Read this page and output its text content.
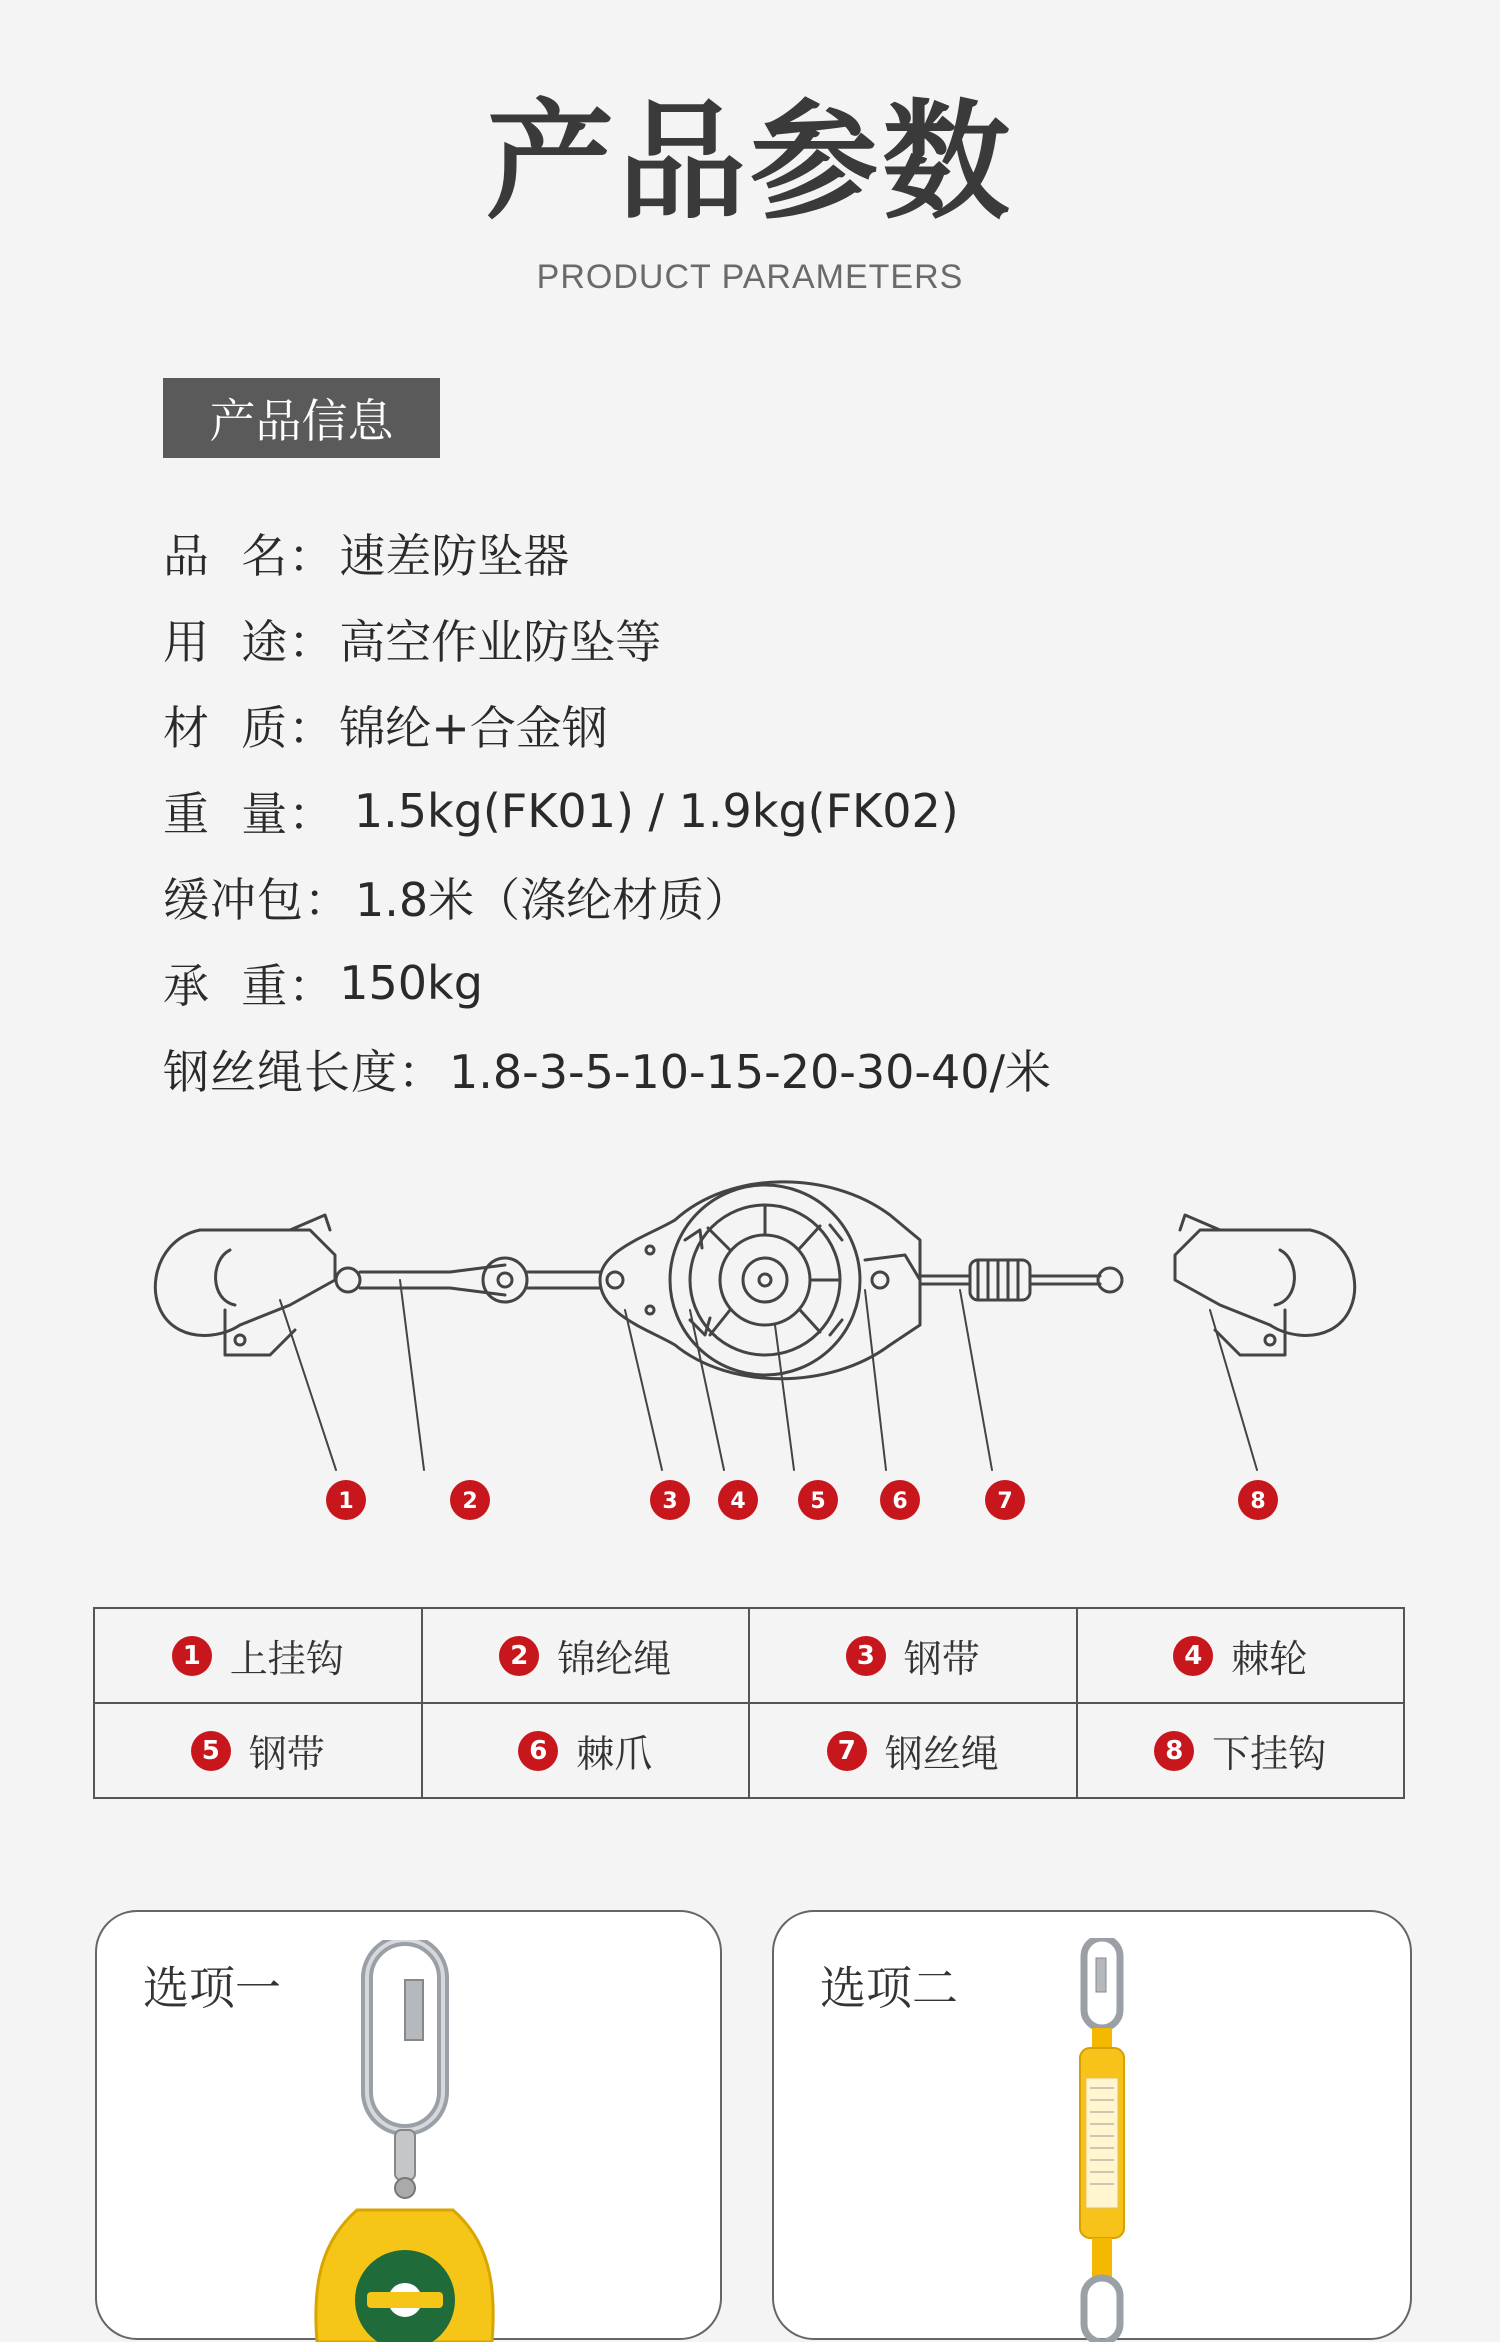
产品参数
PRODUCT PARAMETERS
产品信息
品  名： 速差防坠器
用  途： 高空作业防坠等
材  质： 锦纶+合金钢
重  量： 1.5kg(FK01) / 1.9kg(FK02)
缓冲包： 1.8米（涤纶材质）
承  重： 150kg
钢丝绳长度： 1.8-3-5-10-15-20-30-40/米
1	2	3 4	5	6	7	8
1 上挂钩	2 锦纶绳	3 钢带	4 棘轮
5 钢带	6 棘爪	7 钢丝绳	8 下挂钩
选项一	选项二
